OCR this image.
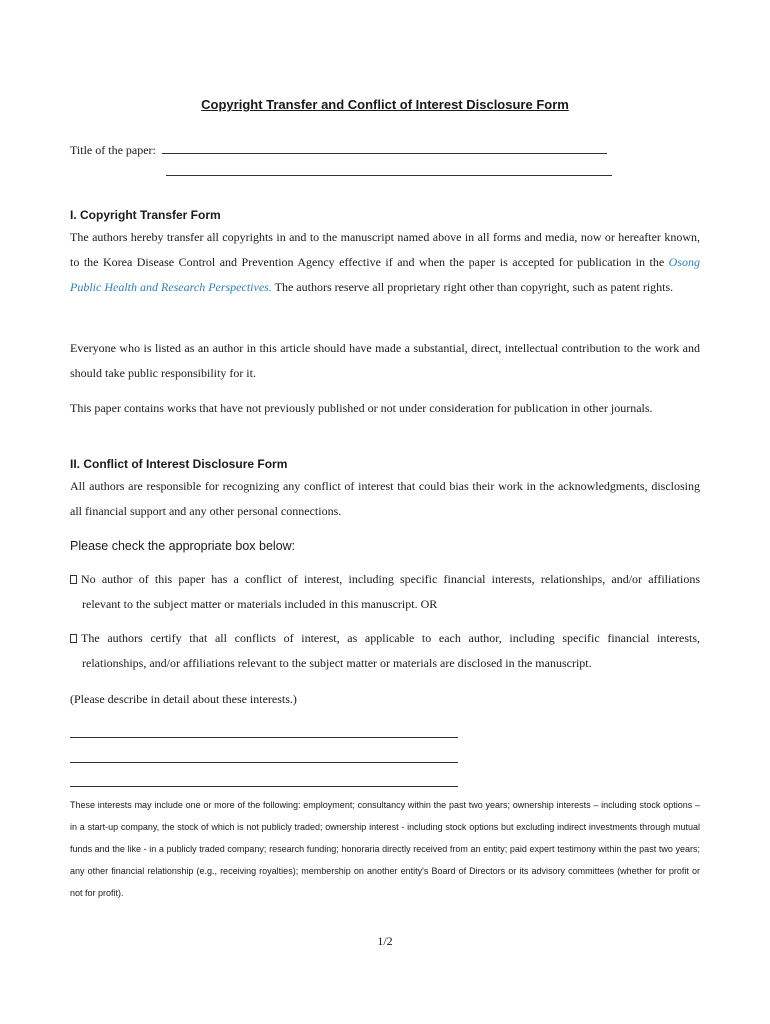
Copyright Transfer and Conflict of Interest Disclosure Form
Title of the paper:
I. Copyright Transfer Form

The authors hereby transfer all copyrights in and to the manuscript named above in all forms and media, now or hereafter known, to the Korea Disease Control and Prevention Agency effective if and when the paper is accepted for publication in the Osong Public Health and Research Perspectives. The authors reserve all proprietary right other than copyright, such as patent rights.

Everyone who is listed as an author in this article should have made a substantial, direct, intellectual contribution to the work and should take public responsibility for it.

This paper contains works that have not previously published or not under consideration for publication in other journals.

II. Conflict of Interest Disclosure Form

All authors are responsible for recognizing any conflict of interest that could bias their work in the acknowledgments, disclosing all financial support and any other personal connections.

Please check the appropriate box below:
No author of this paper has a conflict of interest, including specific financial interests, relationships, and/or affiliations
relevant to the subject matter or materials included in this manuscript. OR
The authors certify that all conflicts of interest, as applicable to each author, including specific financial interests,
relationships, and/or affiliations relevant to the subject matter or materials are disclosed in the manuscript.
(Please describe in detail about these interests.)

These interests may include one or more of the following: employment; consultancy within the past two years; ownership interests – including stock options – in a start-up company, the stock of which is not publicly traded; ownership interest - including stock options but excluding indirect investments through mutual funds and the like - in a publicly traded company; research funding; honoraria directly received from an entity; paid expert testimony within the past two years; any other financial relationship (e.g., receiving royalties); membership on another entity's Board of Directors or its advisory committees (whether for profit or not for profit).

1/2
